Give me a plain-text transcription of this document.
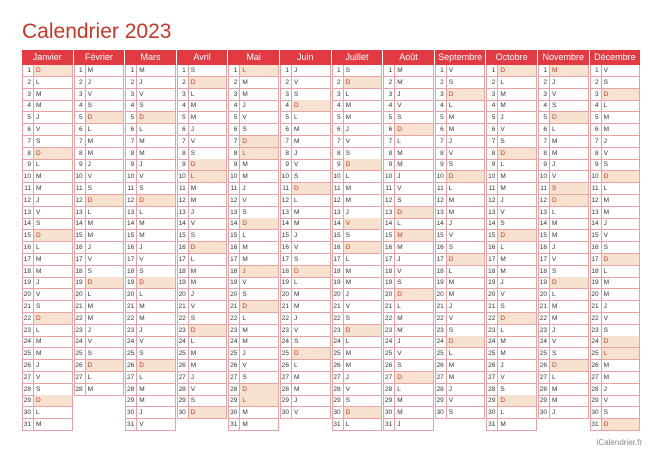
Calendrier 2023
Janvier
1 D
2 L
3 M
4 M
5 J
6 V
7 S
8 D
9 L
10 M
11 M
12 J
13 V
14 S
15 D
16 L
17 M
18 M
19 J
20 V
21 S
22 D
23 L
24 M
25 M
26 J
27 V
28 S
29 D
30 L
31 M
Février
1 M
2 J
3 V
4 S
5 D
6 L
7 M
8 M
9 J
10 V
11 S
12 D
13 L
14 M
15 M
16 J
17 V
18 S
19 D
20 L
21 M
22 M
23 J
24 V
25 S
26 D
27 L
28 M
Mars
1 M
2 J
3 V
4 S
5 D
6 L
7 M
8 M
9 J
10 V
11 S
12 D
13 L
14 M
15 M
16 J
17 V
18 S
19 D
20 L
21 M
22 M
23 J
24 V
25 S
26 D
27 L
28 M
29 M
30 J
31 V
Avril
1 S
2 D
3 L
4 M
5 M
6 J
7 V
8 S
9 D
10 L
11 M
12 M
13 J
14 V
15 S
16 D
17 L
18 M
19 M
20 J
21 V
22 S
23 D
24 L
25 M
26 M
27 J
28 V
29 S
30 D
Mai
1 L
2 M
3 M
4 J
5 V
6 S
7 D
8 L
9 M
10 M
11 J
12 V
13 S
14 D
15 L
16 M
17 M
18 J
19 V
20 S
21 D
22 L
23 M
24 M
25 J
26 V
27 S
28 D
29 L
30 M
31 M
Juin
1 J
2 V
3 S
4 D
5 L
6 M
7 M
8 J
9 V
10 S
11 D
12 L
13 M
14 M
15 J
16 V
17 S
18 D
19 L
20 M
21 M
22 J
23 V
24 S
25 D
26 L
27 M
28 M
29 J
30 V
Juillet
1 S
2 D
3 L
4 M
5 M
6 J
7 V
8 S
9 D
10 L
11 M
12 M
13 J
14 V
15 S
16 D
17 L
18 M
19 M
20 J
21 V
22 S
23 D
24 L
25 M
26 M
27 J
28 V
29 S
30 D
31 L
Août
1 M
2 M
3 J
4 V
5 S
6 D
7 L
8 M
9 M
10 J
11 V
12 S
13 D
14 L
15 M
16 M
17 J
18 V
19 S
20 D
21 L
22 M
23 M
24 J
25 V
26 S
27 D
28 L
29 M
30 M
31 J
Septembre
1 V
2 S
3 D
4 L
5 M
6 M
7 J
8 V
9 S
10 D
11 L
12 M
13 M
14 J
15 V
16 S
17 D
18 L
19 M
20 M
21 J
22 V
23 S
24 D
25 L
26 M
27 M
28 J
29 V
30 S
Octobre
1 D
2 L
3 M
4 M
5 J
6 V
7 S
8 D
9 L
10 M
11 M
12 J
13 V
14 S
15 D
16 L
17 M
18 M
19 J
20 V
21 S
22 D
23 L
24 M
25 M
26 J
27 V
28 S
29 D
30 L
31 M
Novembre
1 M
2 J
3 V
4 S
5 D
6 L
7 M
8 M
9 J
10 V
11 S
12 D
13 L
14 M
15 M
16 J
17 V
18 S
19 D
20 L
21 M
22 M
23 J
24 V
25 S
26 D
27 L
28 M
29 M
30 J
Décembre
1 V
2 S
3 D
4 L
5 M
6 M
7 J
8 V
9 S
10 D
11 L
12 M
13 M
14 J
15 V
16 S
17 D
18 L
19 M
20 M
21 J
22 V
23 S
24 D
25 L
26 M
27 M
28 J
29 V
30 S
31 D
iCalendrier.fr
